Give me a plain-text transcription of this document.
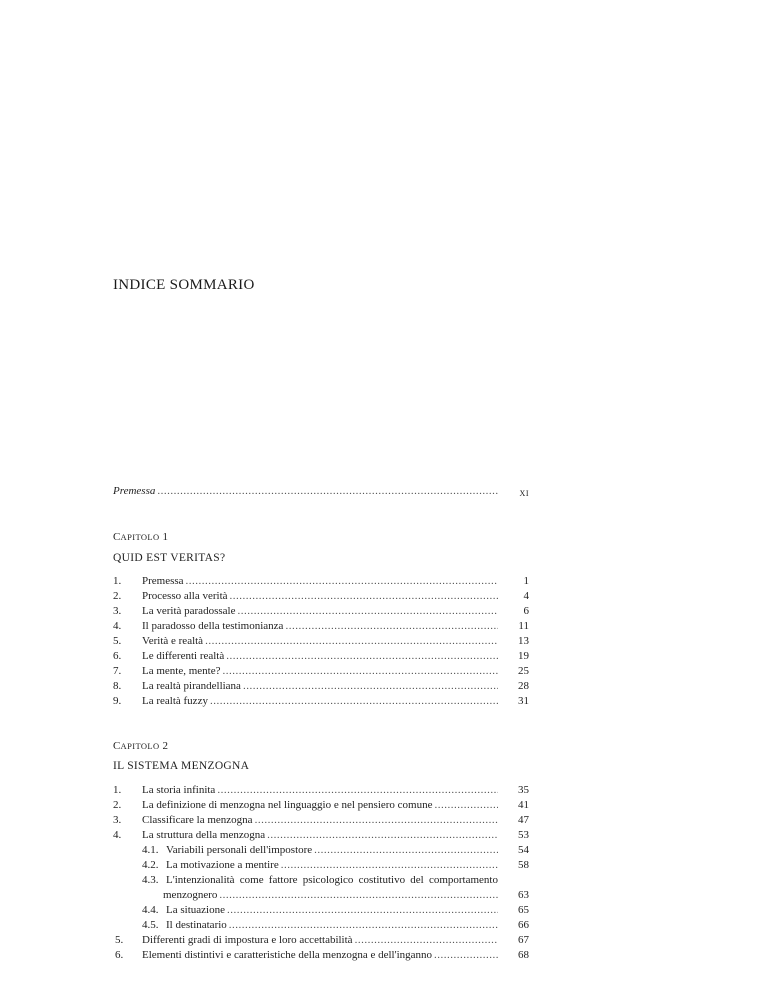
INDICE SOMMARIO
Premessa .....	XI
CAPITOLO 1
QUID EST VERITAS?
1.	Premessa .....	1
2.	Processo alla verità .....	4
3.	La verità paradossale .....	6
4.	Il paradosso della testimonianza .....	11
5.	Verità e realtà .....	13
6.	Le differenti realtà .....	19
7.	La mente, mente? .....	25
8.	La realtà pirandelliana .....	28
9.	La realtà fuzzy .....	31
CAPITOLO 2
IL SISTEMA MENZOGNA
1.	La storia infinita .....	35
2.	La definizione di menzogna nel linguaggio e nel pensiero comune .....	41
3.	Classificare la menzogna .....	47
4.	La struttura della menzogna .....	53
4.1. Variabili personali dell'impostore .....	54
4.2. La motivazione a mentire .....	58
4.3. L'intenzionalità come fattore psicologico costitutivo del comportamento
menzognero .....	63
4.4. La situazione .....	65
4.5. Il destinatario .....	66
5.	Differenti gradi di impostura e loro accettabilità .....	67
6.	Elementi distintivi e caratteristiche della menzogna e dell'inganno .....	68
